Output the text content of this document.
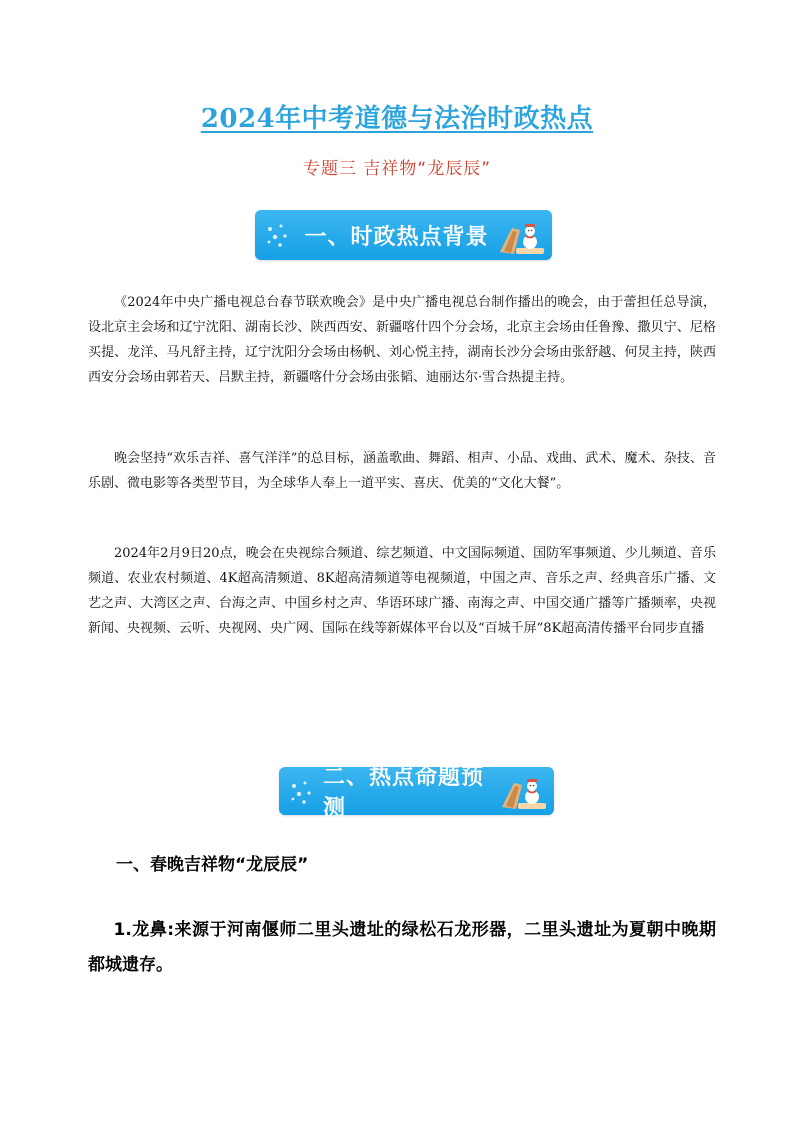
2024年中考道德与法治时政热点
专题三 吉祥物“龙辰辰”
一、时政热点背景

《2024年中央广播电视总台春节联欢晚会》是中央广播电视总台制作播出的晚会，由于蕾担任总导演，设北京主会场和辽宁沈阳、湖南长沙、陕西西安、新疆喀什四个分会场，北京主会场由任鲁豫、撒贝宁、尼格买提、龙洋、马凡舒主持，辽宁沈阳分会场由杨帆、刘心悦主持，湖南长沙分会场由张舒越、何炅主持，陕西西安分会场由郭若天、吕默主持，新疆喀什分会场由张韬、迪丽达尔·雪合热提主持。

晚会坚持“欢乐吉祥、喜气洋洋”的总目标，涵盖歌曲、舞蹈、相声、小品、戏曲、武术、魔术、杂技、音乐剧、微电影等各类型节目，为全球华人奉上一道平实、喜庆、优美的“文化大餐”。

2024年2月9日20点，晚会在央视综合频道、综艺频道、中文国际频道、国防军事频道、少儿频道、音乐频道、农业农村频道、4K超高清频道、8K超高清频道等电视频道，中国之声、音乐之声、经典音乐广播、文艺之声、大湾区之声、台海之声、中国乡村之声、华语环球广播、南海之声、中国交通广播等广播频率，央视新闻、央视频、云听、央视网、央广网、国际在线等新媒体平台以及“百城千屏”8K超高清传播平台同步直播

二、热点命题预测
一、春晚吉祥物“龙辰辰”

1.龙鼻:来源于河南偃师二里头遗址的绿松石龙形器，二里头遗址为夏朝中晚期都城遗存。
